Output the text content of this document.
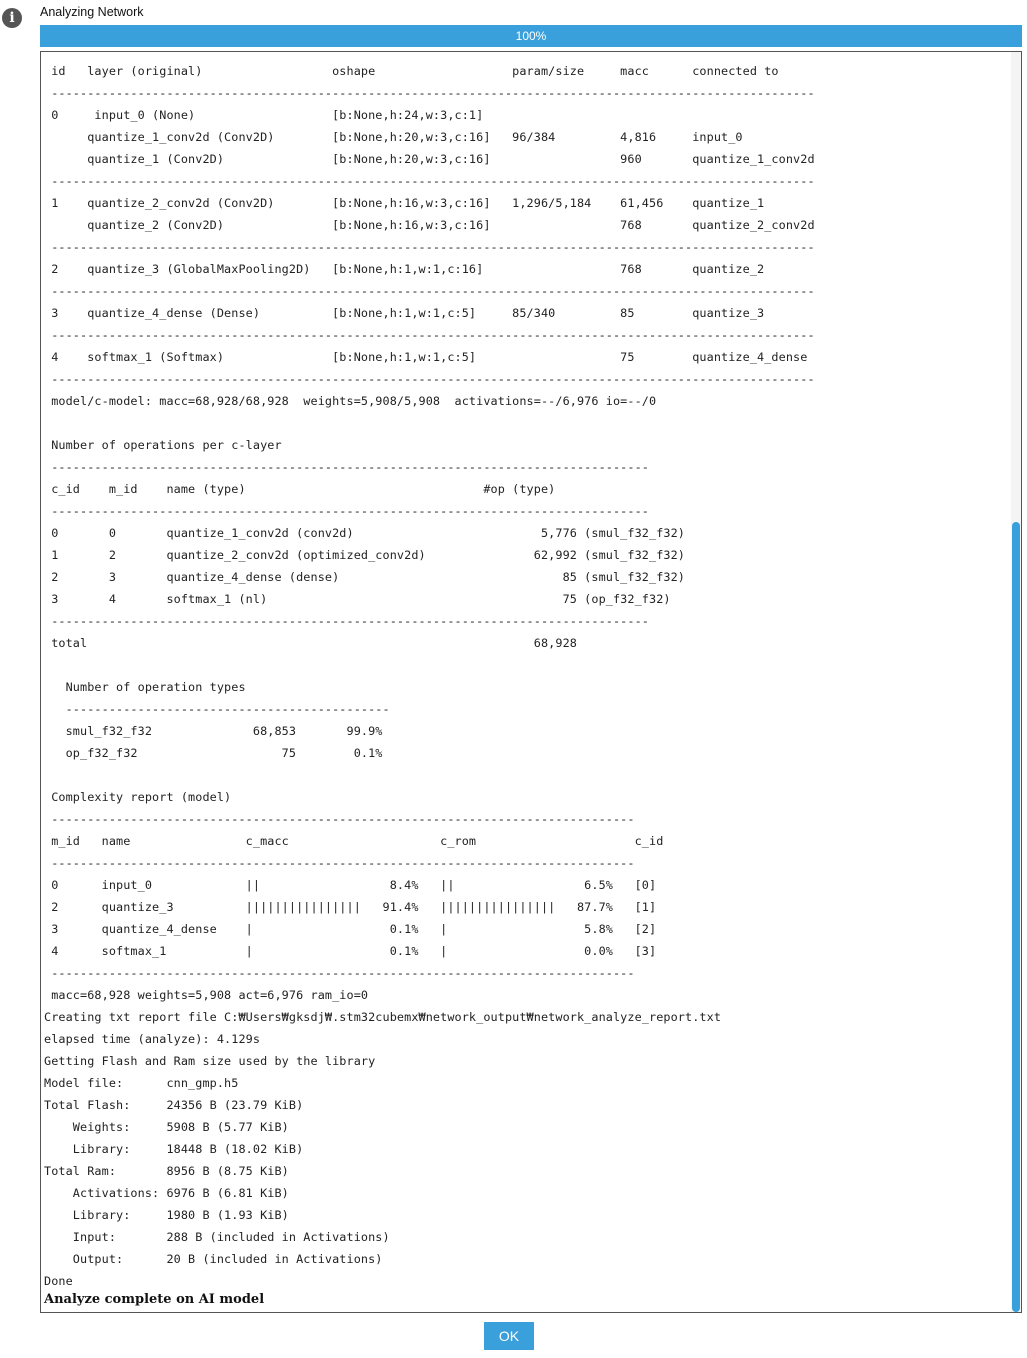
i	Analyzing Network
100%
id   layer (original)                  oshape                   param/size     macc      connected to
----------------------------------------------------------------------------------------------------------
0     input_0 (None)                   [b:None,h:24,w:3,c:1]
quantize_1_conv2d (Conv2D)        [b:None,h:20,w:3,c:16]   96/384         4,816     input_0
quantize_1 (Conv2D)               [b:None,h:20,w:3,c:16]                  960       quantize_1_conv2d
----------------------------------------------------------------------------------------------------------
1    quantize_2_conv2d (Conv2D)        [b:None,h:16,w:3,c:16]   1,296/5,184    61,456    quantize_1
quantize_2 (Conv2D)               [b:None,h:16,w:3,c:16]                  768       quantize_2_conv2d
----------------------------------------------------------------------------------------------------------
2    quantize_3 (GlobalMaxPooling2D)   [b:None,h:1,w:1,c:16]                   768       quantize_2
----------------------------------------------------------------------------------------------------------
3    quantize_4_dense (Dense)          [b:None,h:1,w:1,c:5]     85/340         85        quantize_3
----------------------------------------------------------------------------------------------------------
4    softmax_1 (Softmax)               [b:None,h:1,w:1,c:5]                    75        quantize_4_dense
----------------------------------------------------------------------------------------------------------
model/c-model: macc=68,928/68,928  weights=5,908/5,908  activations=--/6,976 io=--/0

Number of operations per c-layer
-----------------------------------------------------------------------------------
c_id    m_id    name (type)                                 #op (type)
-----------------------------------------------------------------------------------
0       0       quantize_1_conv2d (conv2d)                          5,776 (smul_f32_f32)
1       2       quantize_2_conv2d (optimized_conv2d)               62,992 (smul_f32_f32)
2       3       quantize_4_dense (dense)                               85 (smul_f32_f32)
3       4       softmax_1 (nl)                                         75 (op_f32_f32)
-----------------------------------------------------------------------------------
total                                                              68,928

Number of operation types
---------------------------------------------
smul_f32_f32              68,853       99.9%
op_f32_f32                    75        0.1%

Complexity report (model)
---------------------------------------------------------------------------------
m_id   name                c_macc                     c_rom                      c_id
---------------------------------------------------------------------------------
0      input_0             ||                  8.4%   ||                  6.5%   [0]
2      quantize_3          ||||||||||||||||   91.4%   ||||||||||||||||   87.7%   [1]
3      quantize_4_dense    |                   0.1%   |                   5.8%   [2]
4      softmax_1           |                   0.1%   |                   0.0%   [3]
---------------------------------------------------------------------------------
macc=68,928 weights=5,908 act=6,976 ram_io=0
Creating txt report file C:₩Users₩gksdj₩.stm32cubemx₩network_output₩network_analyze_report.txt
elapsed time (analyze): 4.129s
Getting Flash and Ram size used by the library
Model file:      cnn_gmp.h5
Total Flash:     24356 B (23.79 KiB)
Weights:     5908 B (5.77 KiB)
Library:     18448 B (18.02 KiB)
Total Ram:       8956 B (8.75 KiB)
Activations: 6976 B (6.81 KiB)
Library:     1980 B (1.93 KiB)
Input:       288 B (included in Activations)
Output:      20 B (included in Activations)
Done
Analyze complete on AI model
OK
